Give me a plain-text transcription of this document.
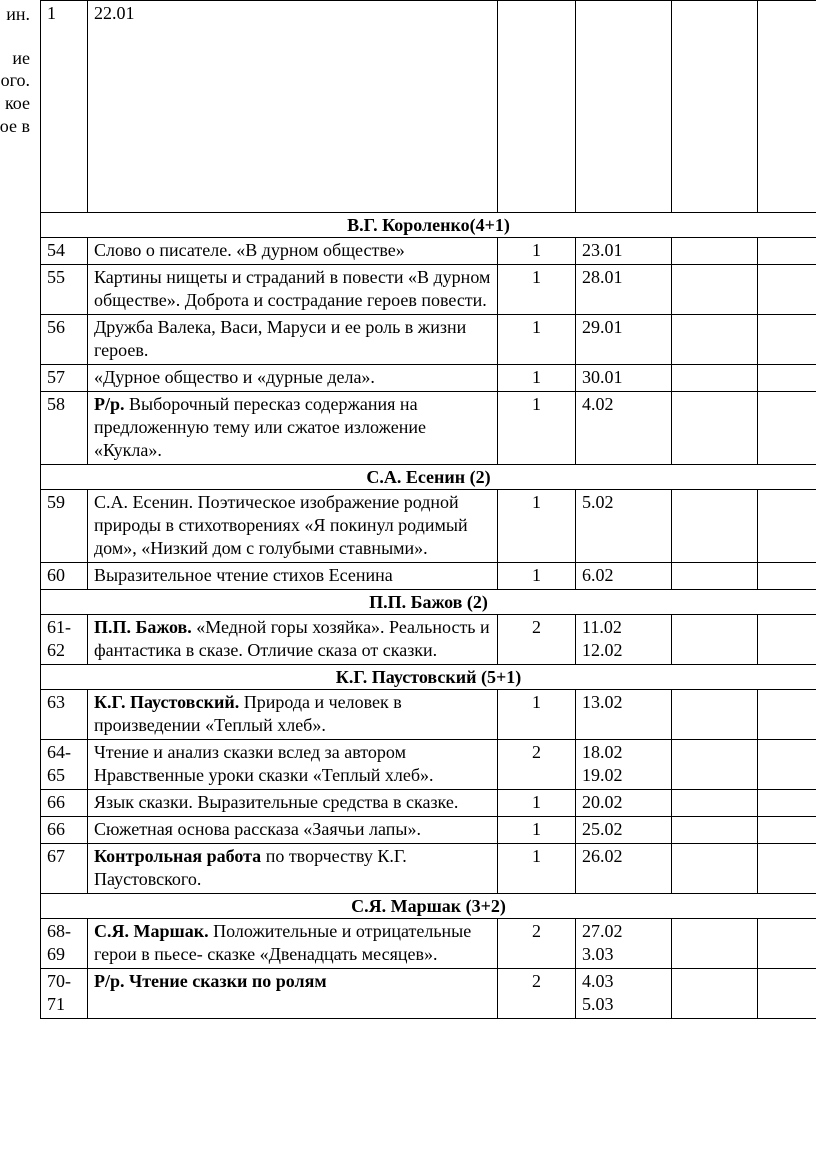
ин.
ие
ого.
кое
ое в
1	22.01				
В.Г. Короленко(4+1)					
54	Слово о писателе. «В дурном обществе»	1	23.01		

55	Картины нищеты и страданий в повести «В дурном обществе». Доброта и сострадание героев повести.	1	28.01		

56	Дружба Валека, Васи, Маруси и ее роль в жизни героев.	1	29.01		

57	«Дурное общество и «дурные дела».	1	30.01		

58	Р/р. Выборочный пересказ содержания на предложенную тему или сжатое изложение «Кукла».	1	4.02		

С.А. Есенин (2)					
59	С.А. Есенин. Поэтическое изображение родной природы в стихотворениях «Я покинул родимый дом», «Низкий дом с голубыми ставными».	1	5.02		

60	Выразительное чтение стихов Есенина	1	6.02		

П.П. Бажов (2)					
61-62	П.П. Бажов. «Медной горы хозяйка». Реальность и фантастика в сказе. Отличие сказа от сказки.	2	11.02
12.02		

К.Г. Паустовский (5+1)					
63	К.Г. Паустовский. Природа и человек в произведении «Теплый хлеб».	1	13.02		

64-65	Чтение и анализ сказки вслед за автором Нравственные уроки сказки «Теплый хлеб».	2	18.02
19.02		

66	Язык сказки. Выразительные средства в сказке.	1	20.02		

66	Сюжетная основа рассказа «Заячьи лапы».	1	25.02		

67	Контрольная работа по творчеству К.Г. Паустовского.	1	26.02		

С.Я. Маршак (3+2)					
68-69	С.Я. Маршак. Положительные и отрицательные герои в пьесе- сказке «Двенадцать месяцев».	2	27.02
3.03		

70-71	Р/р. Чтение сказки по ролям	2	4.03
5.03		
